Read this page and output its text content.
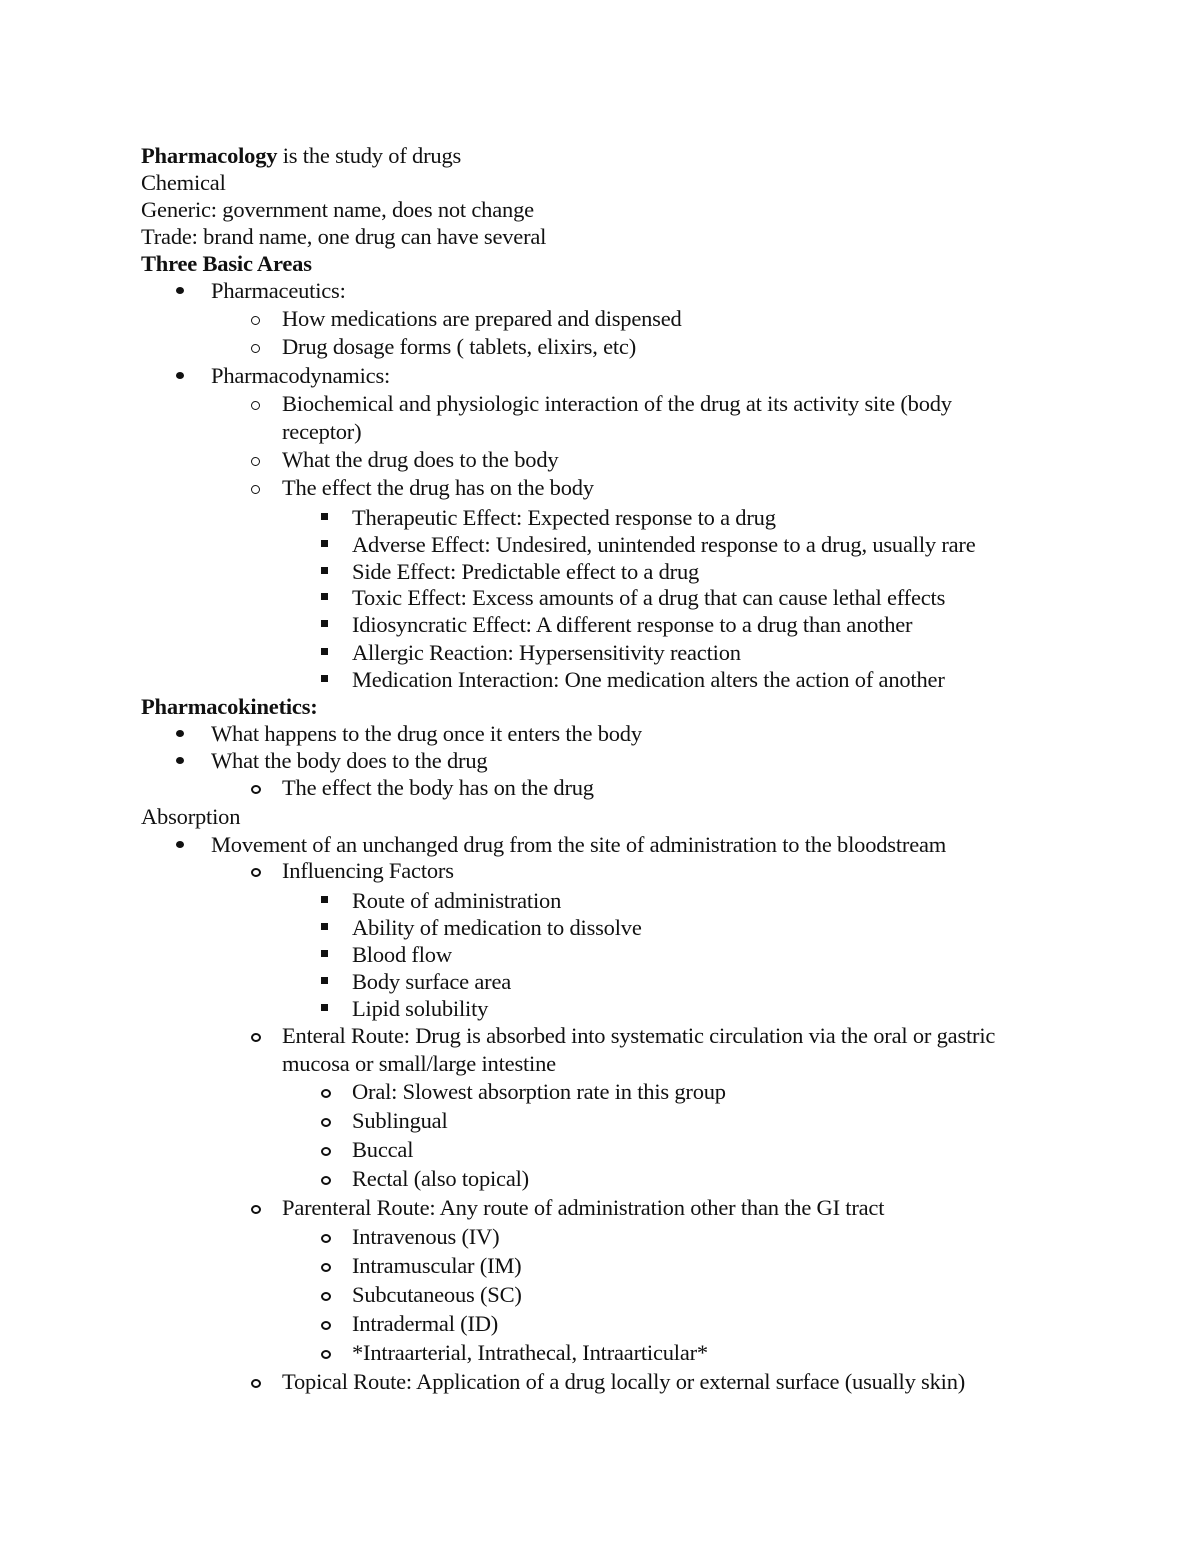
Pharmacology is the study of drugs
Chemical
Generic: government name, does not change
Trade: brand name, one drug can have several
Three Basic Areas
Pharmaceutics:
How medications are prepared and dispensed
Drug dosage forms ( tablets, elixirs, etc)
Pharmacodynamics:
Biochemical and physiologic interaction of the drug at its activity site (body
receptor)
What the drug does to the body
The effect the drug has on the body
Therapeutic Effect: Expected response to a drug
Adverse Effect: Undesired, unintended response to a drug, usually rare
Side Effect: Predictable effect to a drug
Toxic Effect: Excess amounts of a drug that can cause lethal effects
Idiosyncratic Effect: A different response to a drug than another
Allergic Reaction: Hypersensitivity reaction
Medication Interaction: One medication alters the action of another
Pharmacokinetics:
What happens to the drug once it enters the body
What the body does to the drug
The effect the body has on the drug
Absorption
Movement of an unchanged drug from the site of administration to the bloodstream
Influencing Factors
Route of administration
Ability of medication to dissolve
Blood flow
Body surface area
Lipid solubility
Enteral Route: Drug is absorbed into systematic circulation via the oral or gastric
mucosa or small/large intestine
Oral: Slowest absorption rate in this group
Sublingual
Buccal
Rectal (also topical)
Parenteral Route: Any route of administration other than the GI tract
Intravenous (IV)
Intramuscular (IM)
Subcutaneous (SC)
Intradermal (ID)
*Intraarterial, Intrathecal, Intraarticular*
Topical Route: Application of a drug locally or external surface (usually skin)
